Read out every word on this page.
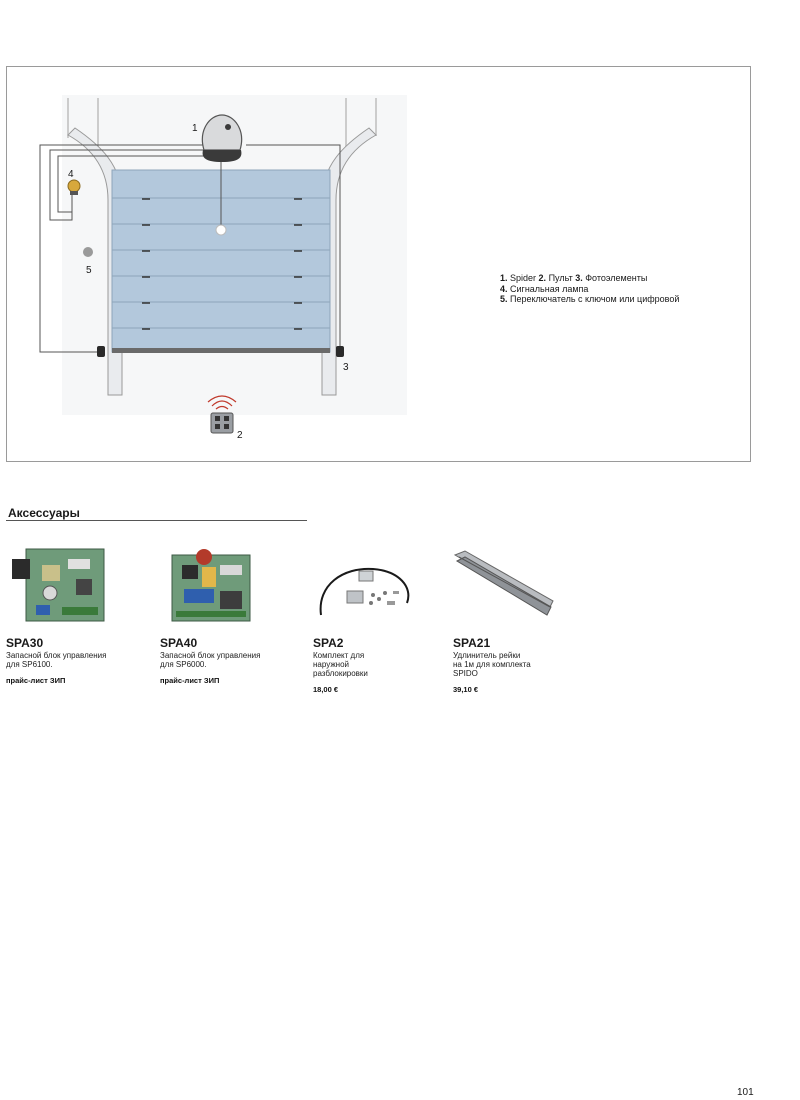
1
2
3
4
5
1. Spider 2. Пульт 3. Фотоэлементы
4. Сигнальная лампа
5. Переключатель с ключом или цифровой
Аксессуары
SPA30
Запасной блок управления
для SP6100.
прайс-лист ЗИП
SPA40
Запасной блок управления
для SP6000.
прайс-лист ЗИП
SPA2
Комплект для
наружной
разблокировки
18,00 €
SPA21
Удлинитель рейки
на 1м для комплекта
SPIDO
39,10 €
101
